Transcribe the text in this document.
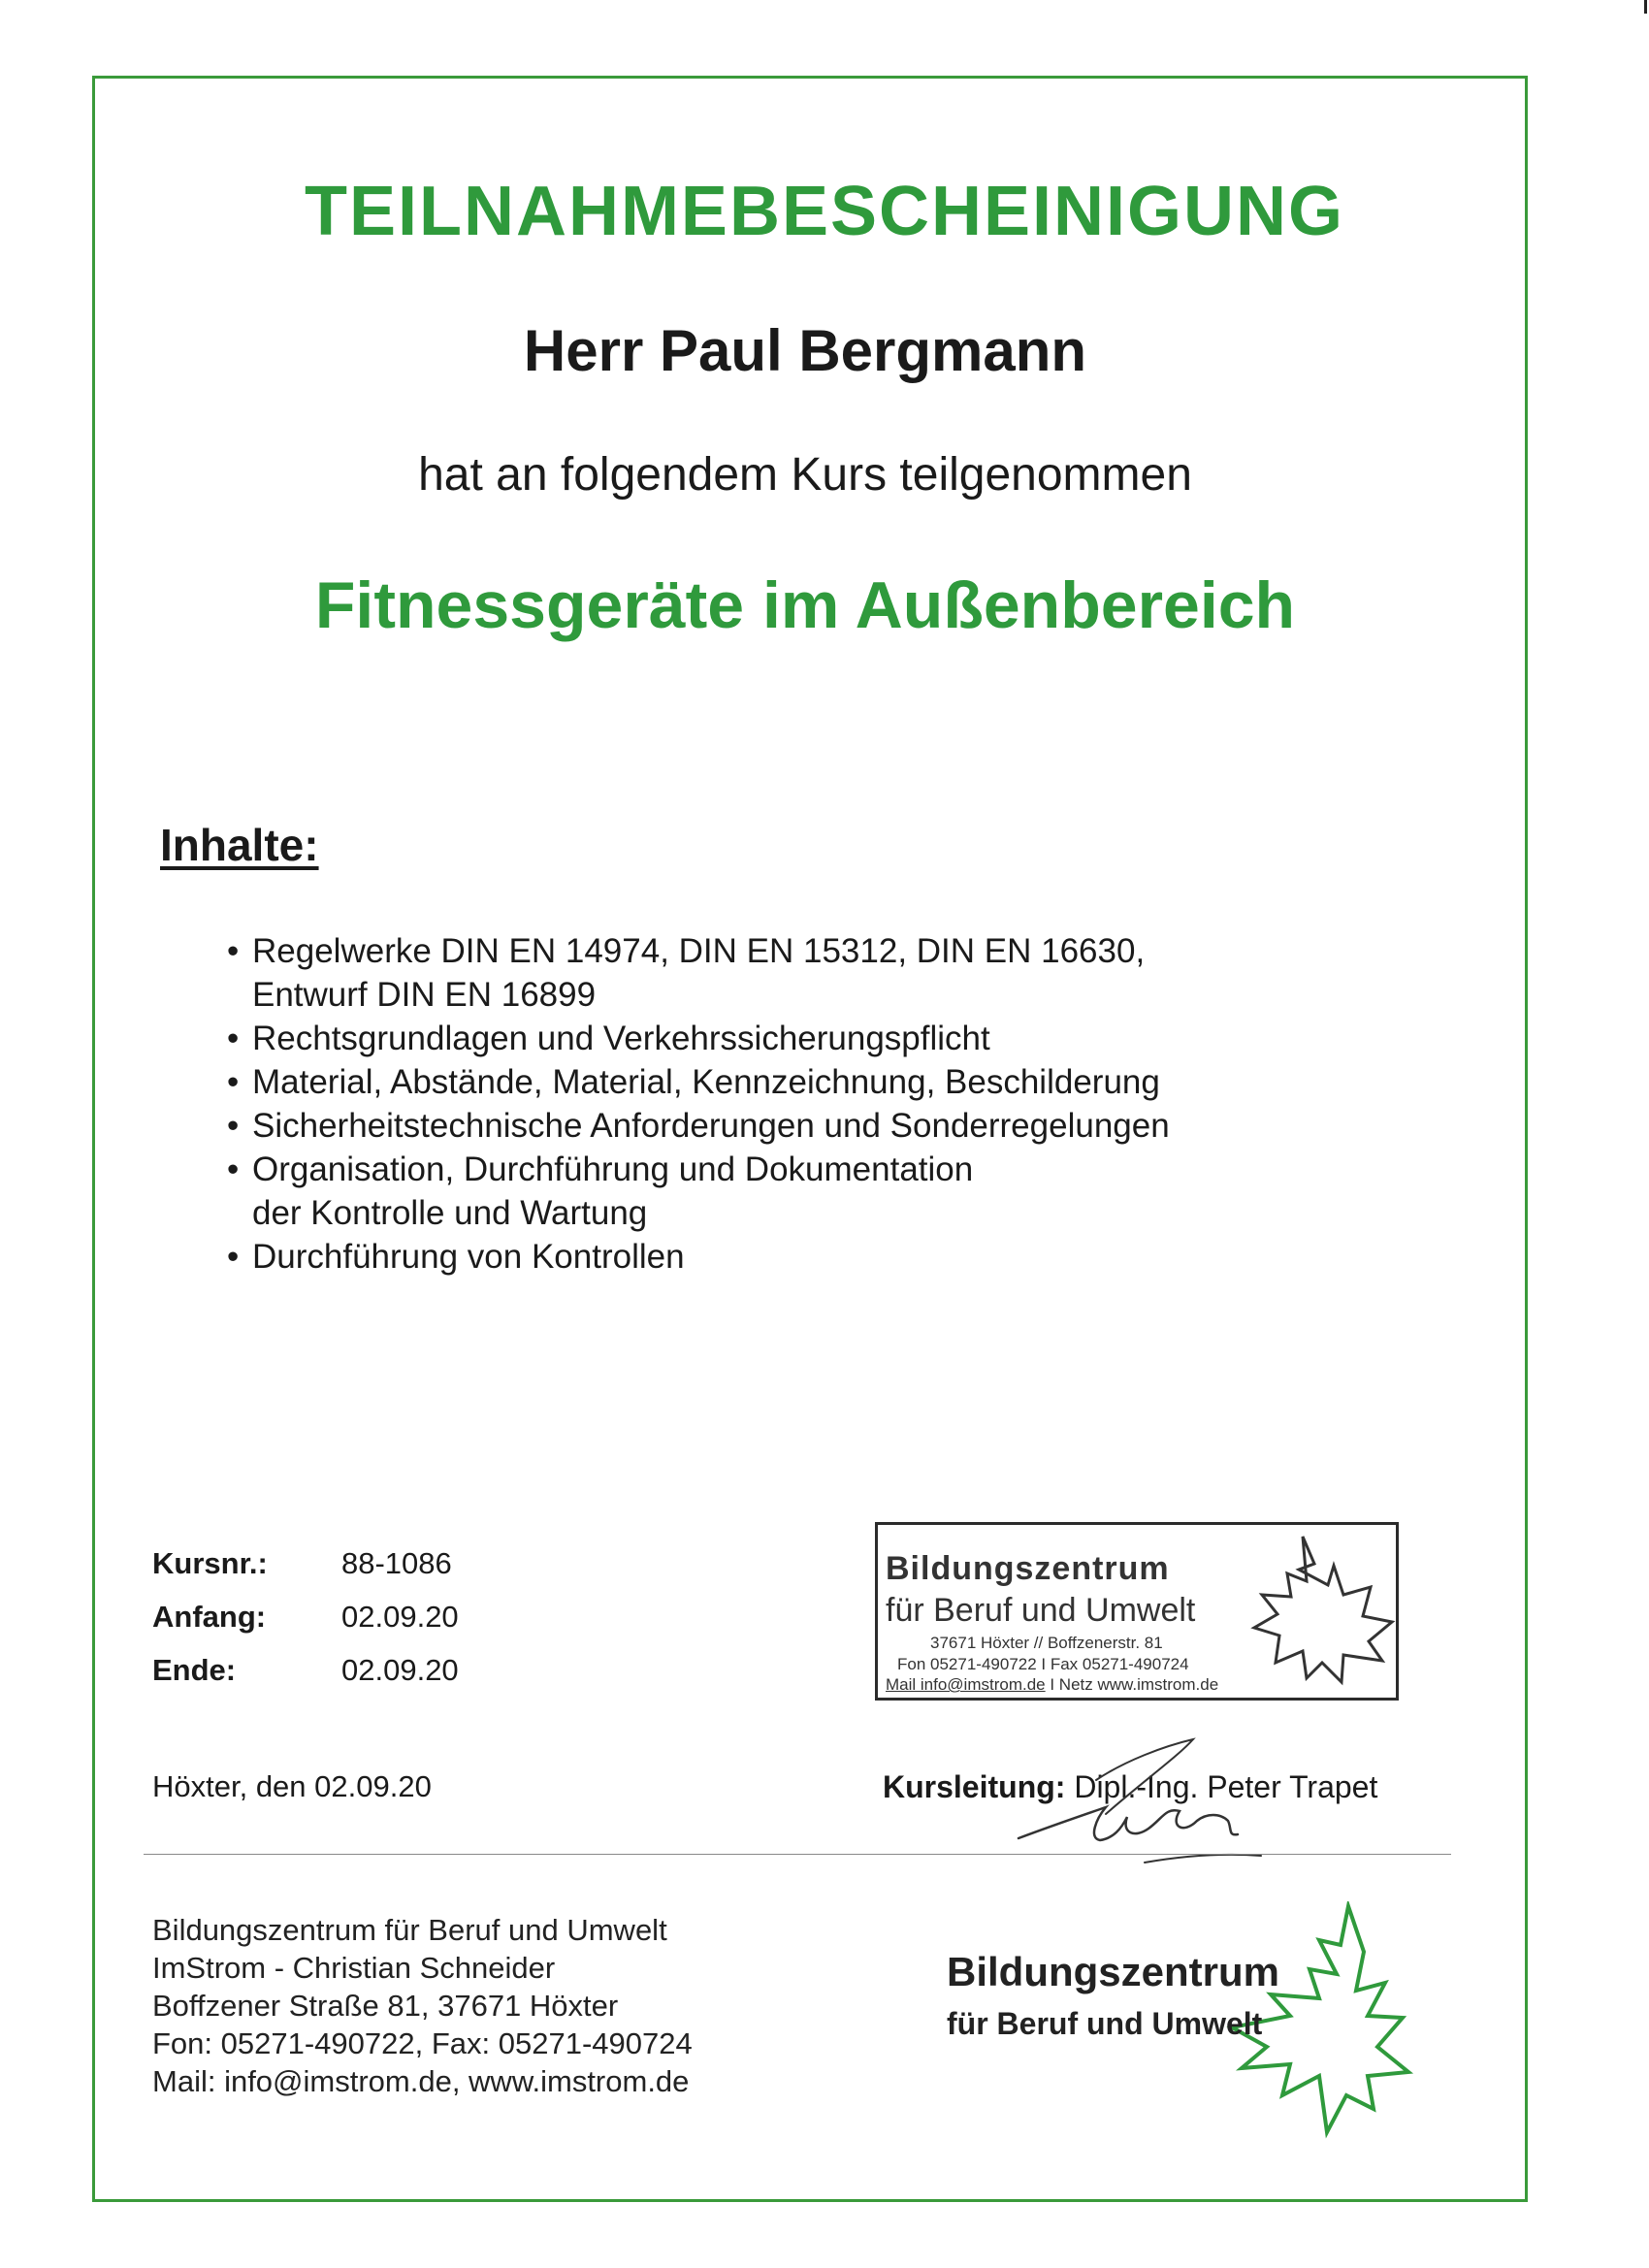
TEILNAHMEBESCHEINIGUNG
Herr Paul Bergmann
hat an folgendem Kurs teilgenommen
Fitnessgeräte im Außenbereich
Inhalte:
• Regelwerke DIN EN 14974, DIN EN 15312, DIN EN 16630,
Entwurf DIN EN 16899
• Rechtsgrundlagen und Verkehrssicherungspflicht
• Material, Abstände, Material, Kennzeichnung, Beschilderung
• Sicherheitstechnische Anforderungen und Sonderregelungen
• Organisation, Durchführung und Dokumentation
der Kontrolle und Wartung
• Durchführung von Kontrollen
Kursnr.:	88-1086
Anfang:	02.09.20
Ende:	02.09.20
Höxter, den 02.09.20
Bildungszentrum
für Beruf und Umwelt
37671 Höxter // Boffzenerstr. 81
Fon 05271-490722 I Fax 05271-490724
Mail info@imstrom.de I Netz www.imstrom.de
Kursleitung: Dipl.-Ing. Peter Trapet
Bildungszentrum für Beruf und Umwelt
ImStrom - Christian Schneider
Boffzener Straße 81, 37671 Höxter
Fon: 05271-490722, Fax: 05271-490724
Mail: info@imstrom.de, www.imstrom.de
Bildungszentrum
für Beruf und Umwelt
